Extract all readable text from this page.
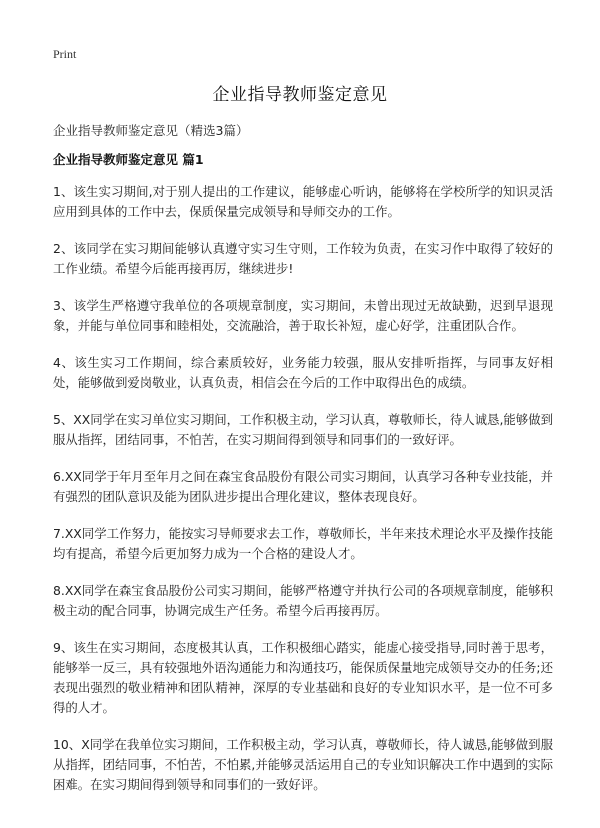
Print
企业指导教师鉴定意见
企业指导教师鉴定意见（精选3篇）
企业指导教师鉴定意见 篇1

1、该生实习期间,对于别人提出的工作建议，能够虚心听讷，能够将在学校所学的知识灵活应用到具体的工作中去，保质保量完成领导和导师交办的工作。

2、该同学在实习期间能够认真遵守实习生守则，工作较为负责，在实习作中取得了较好的工作业绩。希望今后能再接再厉，继续进步!

3、该学生严格遵守我单位的各项规章制度，实习期间，未曾出现过无故缺勤，迟到早退现象，并能与单位同事和睦相处，交流融洽，善于取长补短，虚心好学，注重团队合作。

4、该生实习工作期间，综合素质较好，业务能力较强，服从安排听指挥，与同事友好相处，能够做到爱岗敬业，认真负责，相信会在今后的工作中取得出色的成绩。

5、XX同学在实习单位实习期间，工作积极主动，学习认真，尊敬师长，待人诚恳,能够做到服从指挥，团结同事，不怕苦，在实习期间得到领导和同事们的一致好评。

6.XX同学于年月至年月之间在森宝食品股份有限公司实习期间，认真学习各种专业技能，并有强烈的团队意识及能为团队进步提出合理化建议，整体表现良好。

7.XX同学工作努力，能按实习导师要求去工作，尊敬师长，半年来技术理论水平及操作技能均有提高，希望今后更加努力成为一个合格的建设人才。

8.XX同学在森宝食品股份公司实习期间，能够严格遵守并执行公司的各项规章制度，能够积极主动的配合同事，协调完成生产任务。希望今后再接再厉。

9、该生在实习期间，态度极其认真，工作积极细心踏实，能虚心接受指导,同时善于思考，能够举一反三，具有较强地外语沟通能力和沟通技巧，能保质保量地完成领导交办的任务;还表现出强烈的敬业精神和团队精神，深厚的专业基础和良好的专业知识水平，是一位不可多得的人才。

10、X同学在我单位实习期间，工作积极主动，学习认真，尊敬师长，待人诚恳,能够做到服从指挥，团结同事，不怕苦，不怕累,并能够灵活运用自己的专业知识解决工作中遇到的实际困难。在实习期间得到领导和同事们的一致好评。
